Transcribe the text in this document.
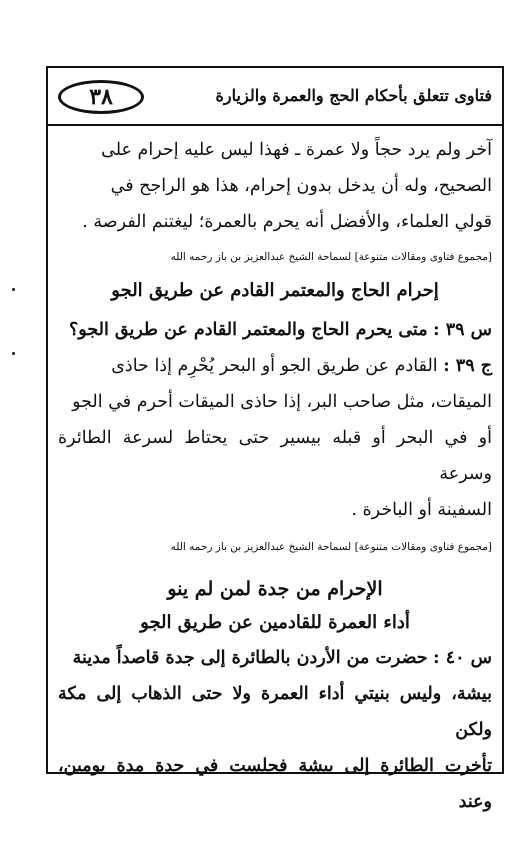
٣٨	فتاوى تتعلق بأحكام الحج والعمرة والزيارة

آخر ولم يرد حجاً ولا عمرة ـ فهذا ليس عليه إحرام على

الصحيح، وله أن يدخل بدون إحرام، هذا هو الراجح في

قولي العلماء، والأفضل أنه يحرم بالعمرة؛ ليغتنم الفرصة .

[مجموع فتاوى ومقالات متنوعة] لسماحة الشيخ عبدالعزيز بن باز رحمه الله

إحرام الحاج والمعتمر القادم عن طريق الجو

س ٣٩ : متى يحرم الحاج والمعتمر القادم عن طريق الجو؟

ج ٣٩ : القادم عن طريق الجو أو البحر يُحْرِم إذا حاذى

الميقات، مثل صاحب البر، إذا حاذى الميقات أحرم في الجو

أو في البحر أو قبله بيسير حتى يحتاط لسرعة الطائرة وسرعة

السفينة أو الباخرة .

[مجموع فتاوى ومقالات متنوعة] لسماحة الشيخ عبدالعزيز بن باز رحمه الله

الإحرام من جدة لمن لم ينو

أداء العمرة للقادمين عن طريق الجو

س ٤٠ : حضرت من الأردن بالطائرة إلى جدة قاصداً مدينة

بيشة، وليس بنيتي أداء العمرة ولا حتى الذهاب إلى مكة ولكن

تأخرت الطائرة إلى بيشة فجلست في جدة مدة يومين، وعند
